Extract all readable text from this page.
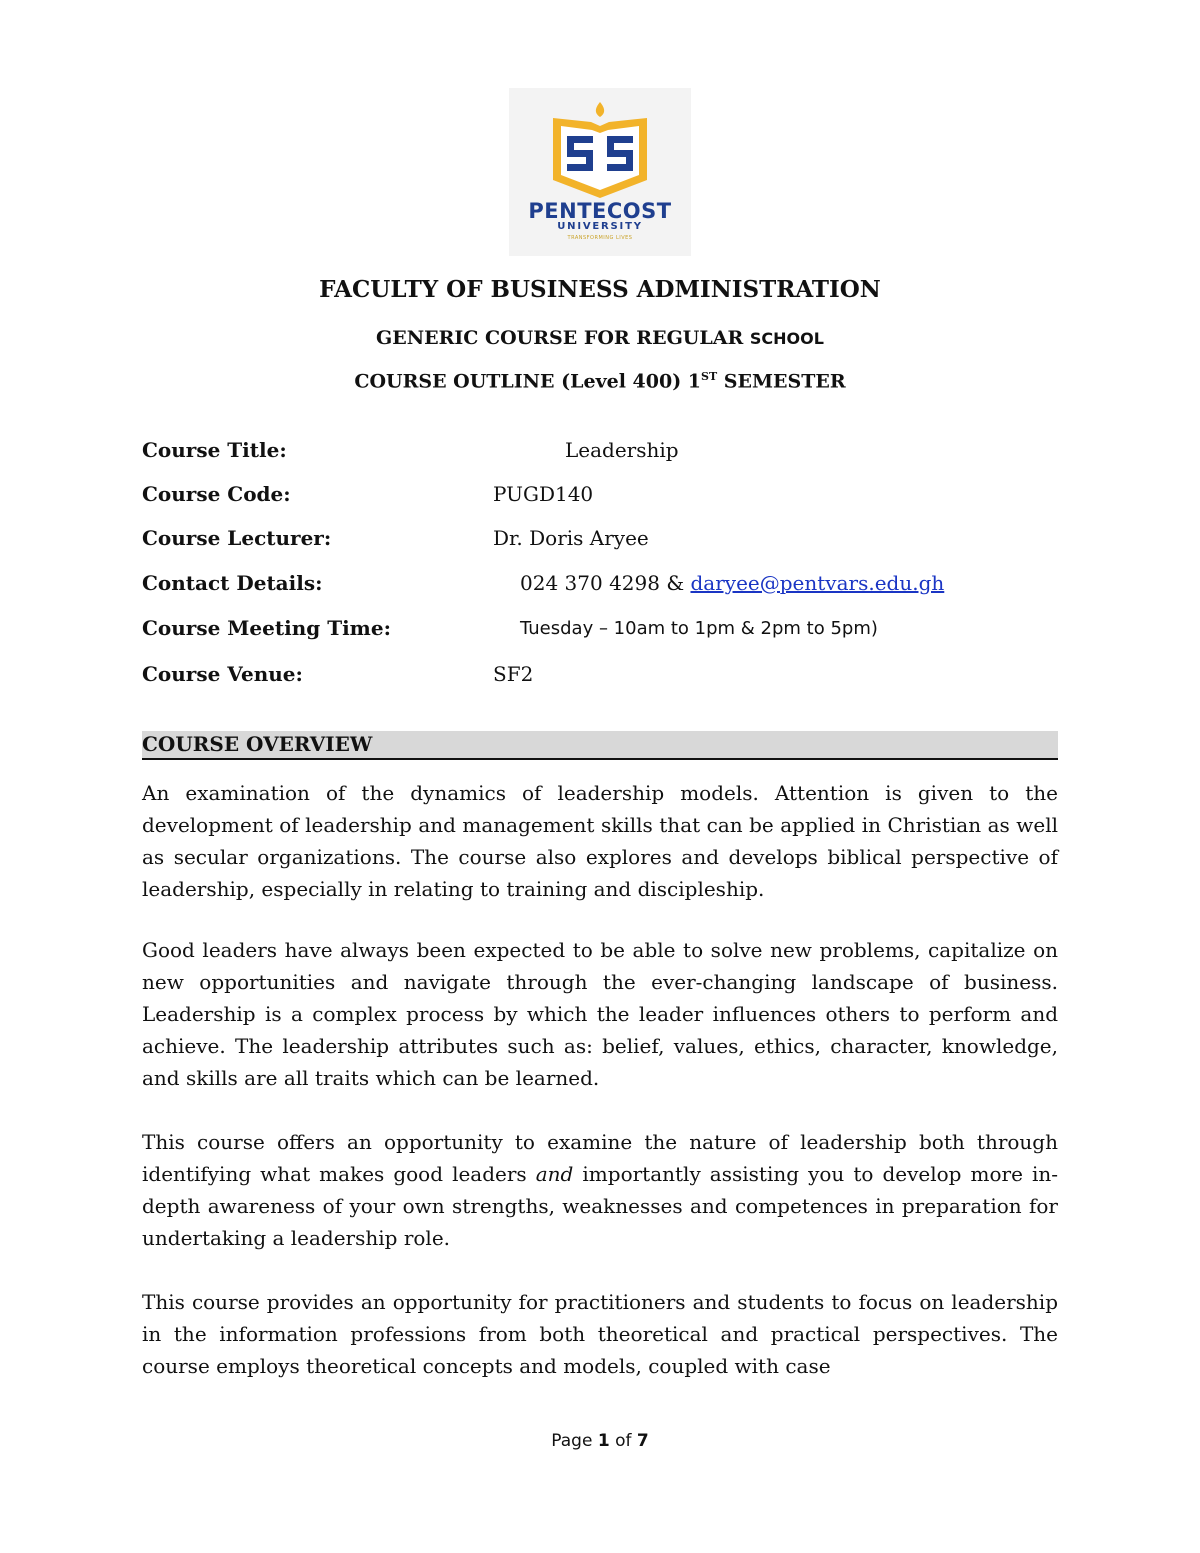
PENTECOST
UNIVERSITY
TRANSFORMING LIVES
FACULTY OF BUSINESS ADMINISTRATION
GENERIC COURSE FOR REGULAR SCHOOL
COURSE OUTLINE (Level 400) 1ST SEMESTER
Course Title:	Leadership
Course Code:	PUGD140
Course Lecturer:	Dr. Doris Aryee
Contact Details:	024 370 4298 & daryee@pentvars.edu.gh
Course Meeting Time:	Tuesday – 10am to 1pm & 2pm to 5pm)
Course Venue:	SF2
COURSE OVERVIEW
An examination of the dynamics of leadership models. Attention is given to the development of leadership and management skills that can be applied in Christian as well as secular organizations. The course also explores and develops biblical perspective of leadership, especially in relating to training and discipleship.
Good leaders have always been expected to be able to solve new problems, capitalize on new opportunities and navigate through the ever-changing landscape of business. Leadership is a complex process by which the leader influences others to perform and achieve. The leadership attributes such as: belief, values, ethics, character, knowledge, and skills are all traits which can be learned.
This course offers an opportunity to examine the nature of leadership both through identifying what makes good leaders and importantly assisting you to develop more in-depth awareness of your own strengths, weaknesses and competences in preparation for undertaking a leadership role.
This course provides an opportunity for practitioners and students to focus on leadership in the information professions from both theoretical and practical perspectives. The course employs theoretical concepts and models, coupled with case
Page 1 of 7
